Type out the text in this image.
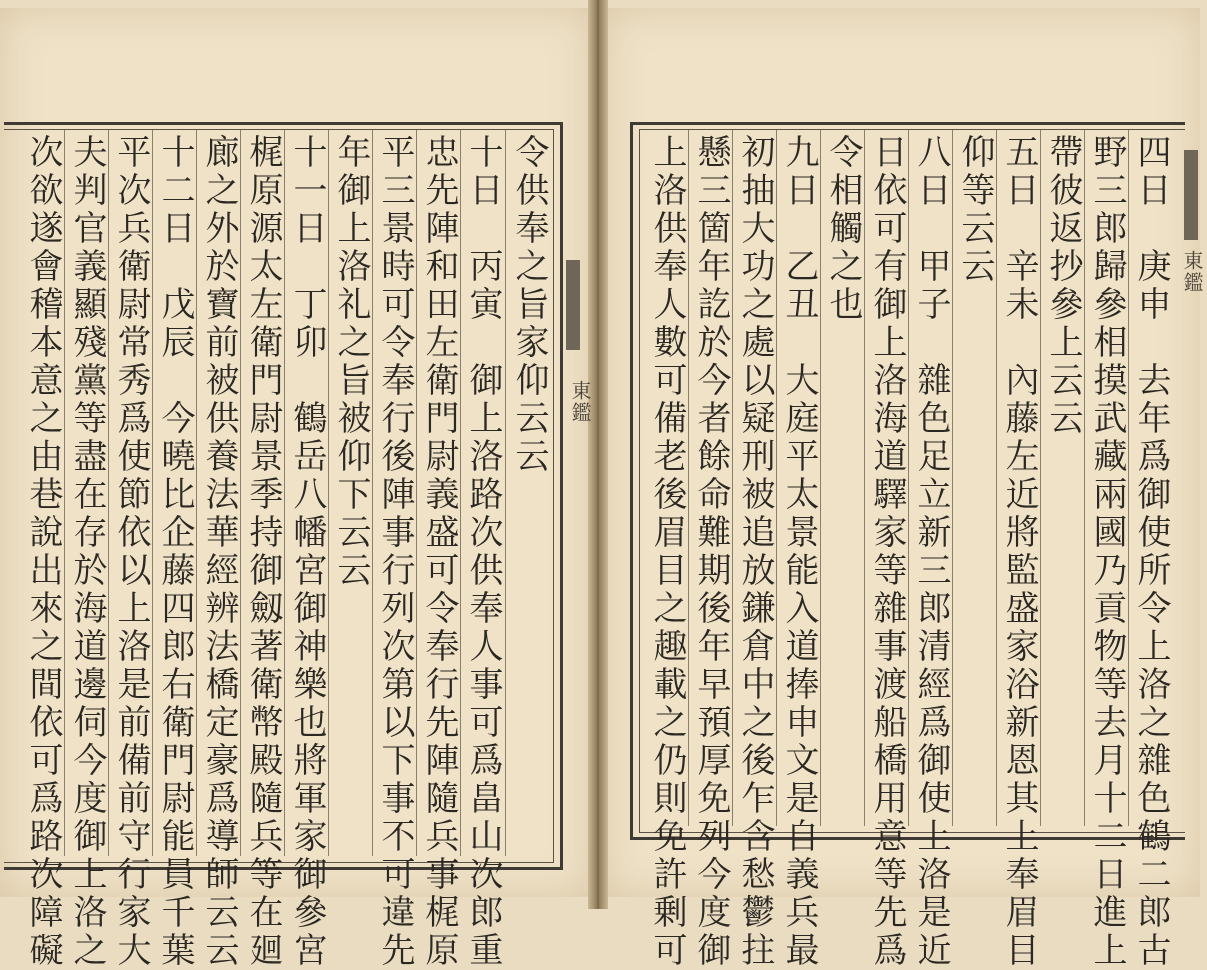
令供奉之旨家仰云云
十日　丙寅　御上洛路次供奉人事可爲畠山次郎重
忠先陣和田左衛門尉義盛可令奉行先陣隨兵事梶原
平三景時可令奉行後陣事行列次第以下事不可違先
年御上洛礼之旨被仰下云云
十一日　丁卯　鶴岳八幡宮御神樂也將軍家御參宮
梶原源太左衛門尉景季持御劔著衛幣殿隨兵等在廻
廊之外於寶前被供養法華經辨法橋定豪爲導師云云
十二日　戊辰　今曉比企藤四郎右衛門尉能員千葉
平次兵衛尉常秀爲使節依以上洛是前備前守行家大
夫判官義顯殘黨等盡在存於海道邊伺今度御上洛之
次欲遂會稽本意之由巷說出來之間依可爲路次障礙	四日　庚申　去年爲御使所令上洛之雜色鶴二郎古
野三郎歸參相摸武藏兩國乃貢物等去月十二日進上
帶彼返抄參上云云
五日　辛未　內藤左近將監盛家浴新恩其上奉眉目
仰等云云
八日　甲子　雜色足立新三郎清經爲御使上洛是近
日依可有御上洛海道驛家等雜事渡船橋用意等先爲
令相觸之也
九日　乙丑　大庭平太景能入道捧申文是自義兵最
初抽大功之處以疑刑被追放鎌倉中之後乍含愁鬱拄
懸三箇年訖於今者餘命難期後年早預厚免列今度御
上洛供奉人數可備老後眉目之趣載之仍則免許剰可
東鑑
東鑑
